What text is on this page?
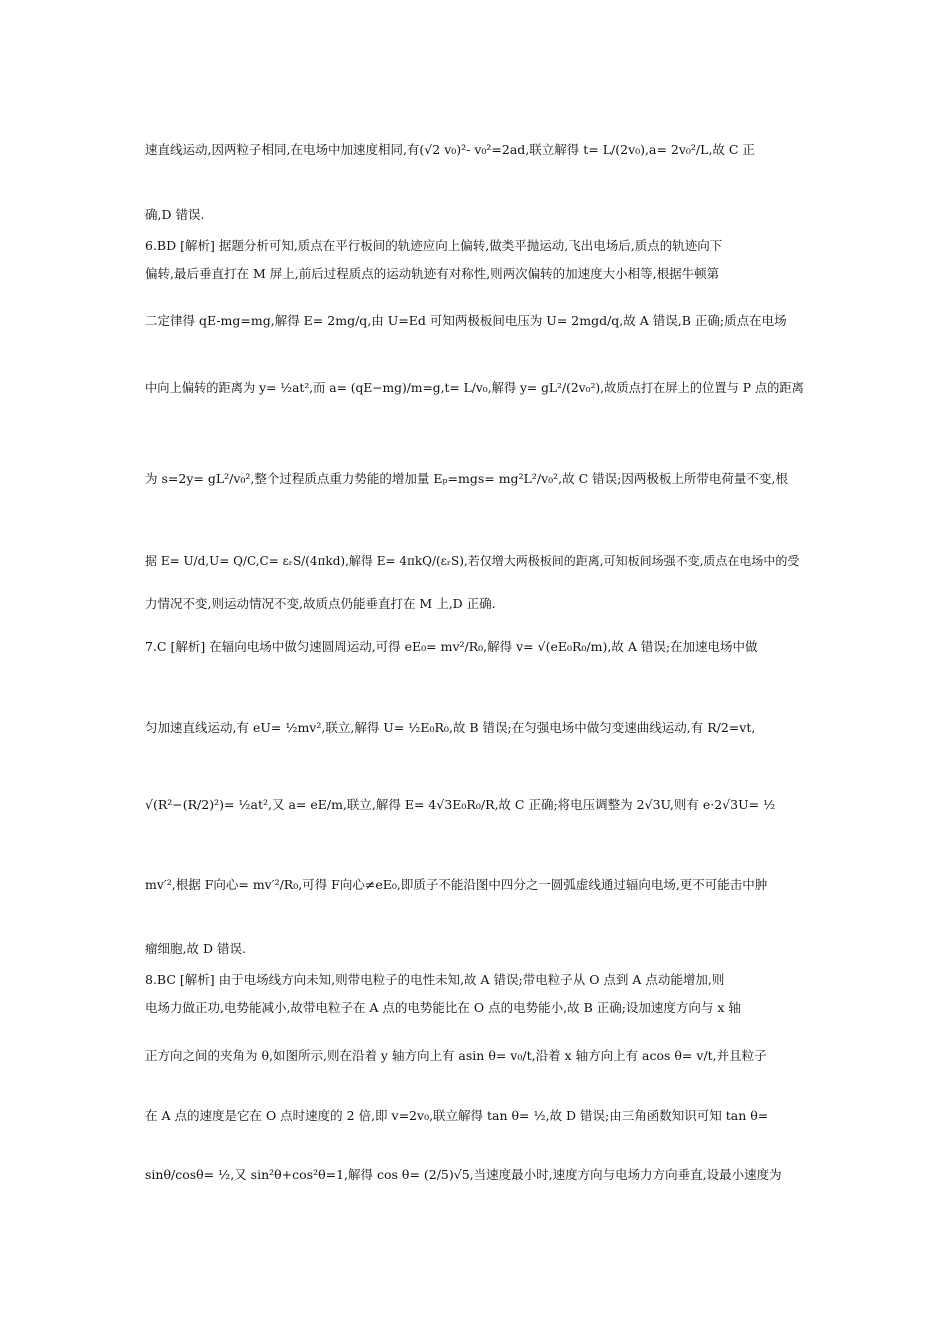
速直线运动,因两粒子相同,在电场中加速度相同,有(√2 v₀)²- v₀²=2ad,联立解得 t= L/(2v₀),a= 2v₀²/L,故 C 正
确,D 错误.
6.BD [解析] 据题分析可知,质点在平行板间的轨迹应向上偏转,做类平抛运动,飞出电场后,质点的轨迹向下
偏转,最后垂直打在 M 屏上,前后过程质点的运动轨迹有对称性,则两次偏转的加速度大小相等,根据牛顿第
二定律得 qE-mg=mg,解得 E= 2mg/q,由 U=Ed 可知两极板间电压为 U= 2mgd/q,故 A 错误,B 正确;质点在电场
中向上偏转的距离为 y= ½at²,而 a= (qE−mg)/m=g,t= L/v₀,解得 y= gL²/(2v₀²),故质点打在屏上的位置与 P 点的距离
为 s=2y= gL²/v₀²,整个过程质点重力势能的增加量 Eₚ=mgs= mg²L²/v₀²,故 C 错误;因两极板上所带电荷量不变,根
据 E= U/d,U= Q/C,C= εᵣS/(4πkd),解得 E= 4πkQ/(εᵣS),若仅增大两极板间的距离,可知板间场强不变,质点在电场中的受
力情况不变,则运动情况不变,故质点仍能垂直打在 M 上,D 正确.
7.C [解析] 在辐向电场中做匀速圆周运动,可得 eE₀= mv²/R₀,解得 v= √(eE₀R₀/m),故 A 错误;在加速电场中做
匀加速直线运动,有 eU= ½mv²,联立,解得 U= ½E₀R₀,故 B 错误;在匀强电场中做匀变速曲线运动,有 R/2=vt,
√(R²−(R/2)²)= ½at²,又 a= eE/m,联立,解得 E= 4√3E₀R₀/R,故 C 正确;将电压调整为 2√3U,则有 e·2√3U= ½
mv′²,根据 F向心= mv′²/R₀,可得 F向心≠eE₀,即质子不能沿图中四分之一圆弧虚线通过辐向电场,更不可能击中肿
瘤细胞,故 D 错误.
8.BC [解析] 由于电场线方向未知,则带电粒子的电性未知,故 A 错误;带电粒子从 O 点到 A 点动能增加,则
电场力做正功,电势能减小,故带电粒子在 A 点的电势能比在 O 点的电势能小,故 B 正确;设加速度方向与 x 轴
正方向之间的夹角为 θ,如图所示,则在沿着 y 轴方向上有 asin θ= v₀/t,沿着 x 轴方向上有 acos θ= v/t,并且粒子
在 A 点的速度是它在 O 点时速度的 2 倍,即 v=2v₀,联立解得 tan θ= ½,故 D 错误;由三角函数知识可知 tan θ=
sinθ/cosθ= ½,又 sin²θ+cos²θ=1,解得 cos θ= (2/5)√5,当速度最小时,速度方向与电场力方向垂直,设最小速度为
